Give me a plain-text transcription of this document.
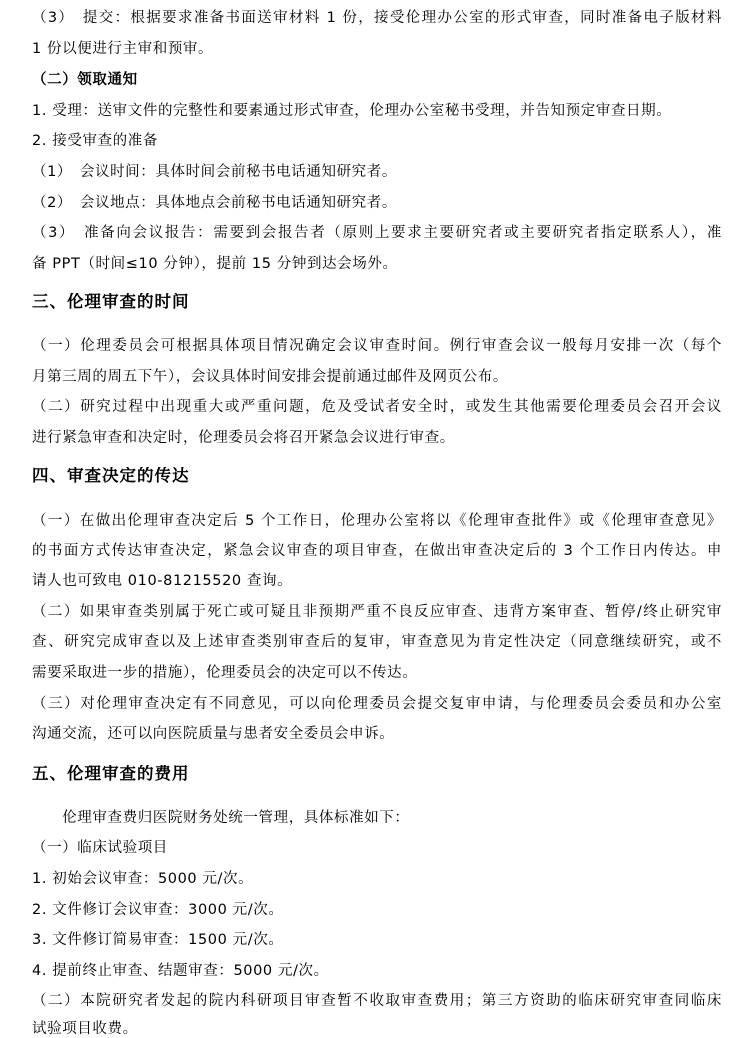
（3）　提交：根据要求准备书面送审材料 1 份，接受伦理办公室的形式审查，同时准备电子版材料
1 份以便进行主审和预审。
（二）领取通知
1. 受理：送审文件的完整性和要素通过形式审查，伦理办公室秘书受理，并告知预定审查日期。
2. 接受审查的准备
（1）　会议时间：具体时间会前秘书电话通知研究者。
（2）　会议地点：具体地点会前秘书电话通知研究者。
（3）　准备向会议报告：需要到会报告者（原则上要求主要研究者或主要研究者指定联系人），准
备 PPT（时间≤10 分钟），提前 15 分钟到达会场外。
三、伦理审查的时间
（一）伦理委员会可根据具体项目情况确定会议审查时间。例行审查会议一般每月安排一次（每个
月第三周的周五下午），会议具体时间安排会提前通过邮件及网页公布。
（二）研究过程中出现重大或严重问题，危及受试者安全时，或发生其他需要伦理委员会召开会议
进行紧急审查和决定时，伦理委员会将召开紧急会议进行审查。
四、审查决定的传达
（一）在做出伦理审查决定后 5 个工作日，伦理办公室将以《伦理审查批件》或《伦理审查意见》
的书面方式传达审查决定，紧急会议审查的项目审查，在做出审查决定后的 3 个工作日内传达。申
请人也可致电 010-81215520 查询。
（二）如果审查类别属于死亡或可疑且非预期严重不良反应审查、违背方案审查、暂停/终止研究审
查、研究完成审查以及上述审查类别审查后的复审，审查意见为肯定性决定（同意继续研究，或不
需要采取进一步的措施），伦理委员会的决定可以不传达。
（三）对伦理审查决定有不同意见，可以向伦理委员会提交复审申请，与伦理委员会委员和办公室
沟通交流，还可以向医院质量与患者安全委员会申诉。
五、伦理审查的费用
　　伦理审查费归医院财务处统一管理，具体标准如下：
（一）临床试验项目
1. 初始会议审查：5000 元/次。
2. 文件修订会议审查：3000 元/次。
3. 文件修订简易审查：1500 元/次。
4. 提前终止审查、结题审查：5000 元/次。
（二）本院研究者发起的院内科研项目审查暂不收取审查费用；第三方资助的临床研究审查同临床
试验项目收费。
